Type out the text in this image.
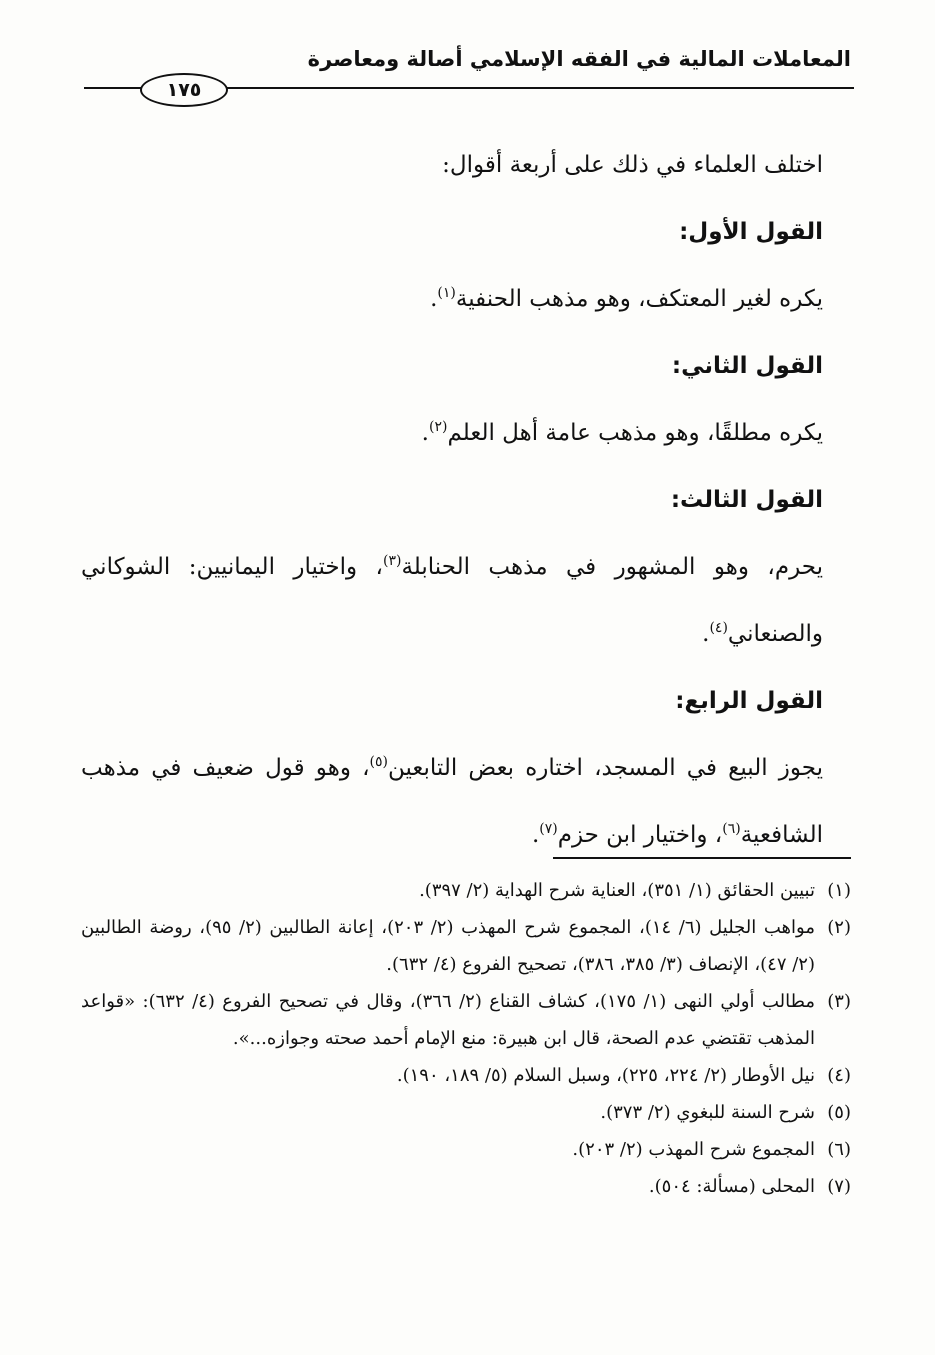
المعاملات المالية في الفقه الإسلامي أصالة ومعاصرة
١٧٥

اختلف العلماء في ذلك على أربعة أقوال:

القول الأول:

يكره لغير المعتكف، وهو مذهب الحنفية$^{(١)}$.

القول الثاني:

يكره مطلقًا، وهو مذهب عامة أهل العلم$^{(٢)}$.

القول الثالث:

يحرم، وهو المشهور في مذهب الحنابلة$^{(٣)}$، واختيار اليمانيين: الشوكاني والصنعاني$^{(٤)}$.

القول الرابع:

يجوز البيع في المسجد، اختاره بعض التابعين$^{(٥)}$، وهو قول ضعيف في مذهب الشافعية$^{(٦)}$، واختيار ابن حزم$^{(٧)}$.

(١)
تبيين الحقائق (١/ ٣٥١)، العناية شرح الهداية (٢/ ٣٩٧).
(٢)
مواهب الجليل (٦/ ١٤)، المجموع شرح المهذب (٢/ ٢٠٣)، إعانة الطالبين (٢/ ٩٥)، روضة الطالبين (٢/ ٤٧)، الإنصاف (٣/ ٣٨٥، ٣٨٦)، تصحيح الفروع (٤/ ٦٣٢).
(٣)
مطالب أولي النهى (١/ ١٧٥)، كشاف القناع (٢/ ٣٦٦)، وقال في تصحيح الفروع (٤/ ٦٣٢): «قواعد المذهب تقتضي عدم الصحة، قال ابن هبيرة: منع الإمام أحمد صحته وجوازه...».
(٤)
نيل الأوطار (٢/ ٢٢٤، ٢٢٥)، وسبل السلام (٥/ ١٨٩، ١٩٠).
(٥)
شرح السنة للبغوي (٢/ ٣٧٣).
(٦)
المجموع شرح المهذب (٢/ ٢٠٣).
(٧)
المحلى (مسألة: ٥٠٤).
